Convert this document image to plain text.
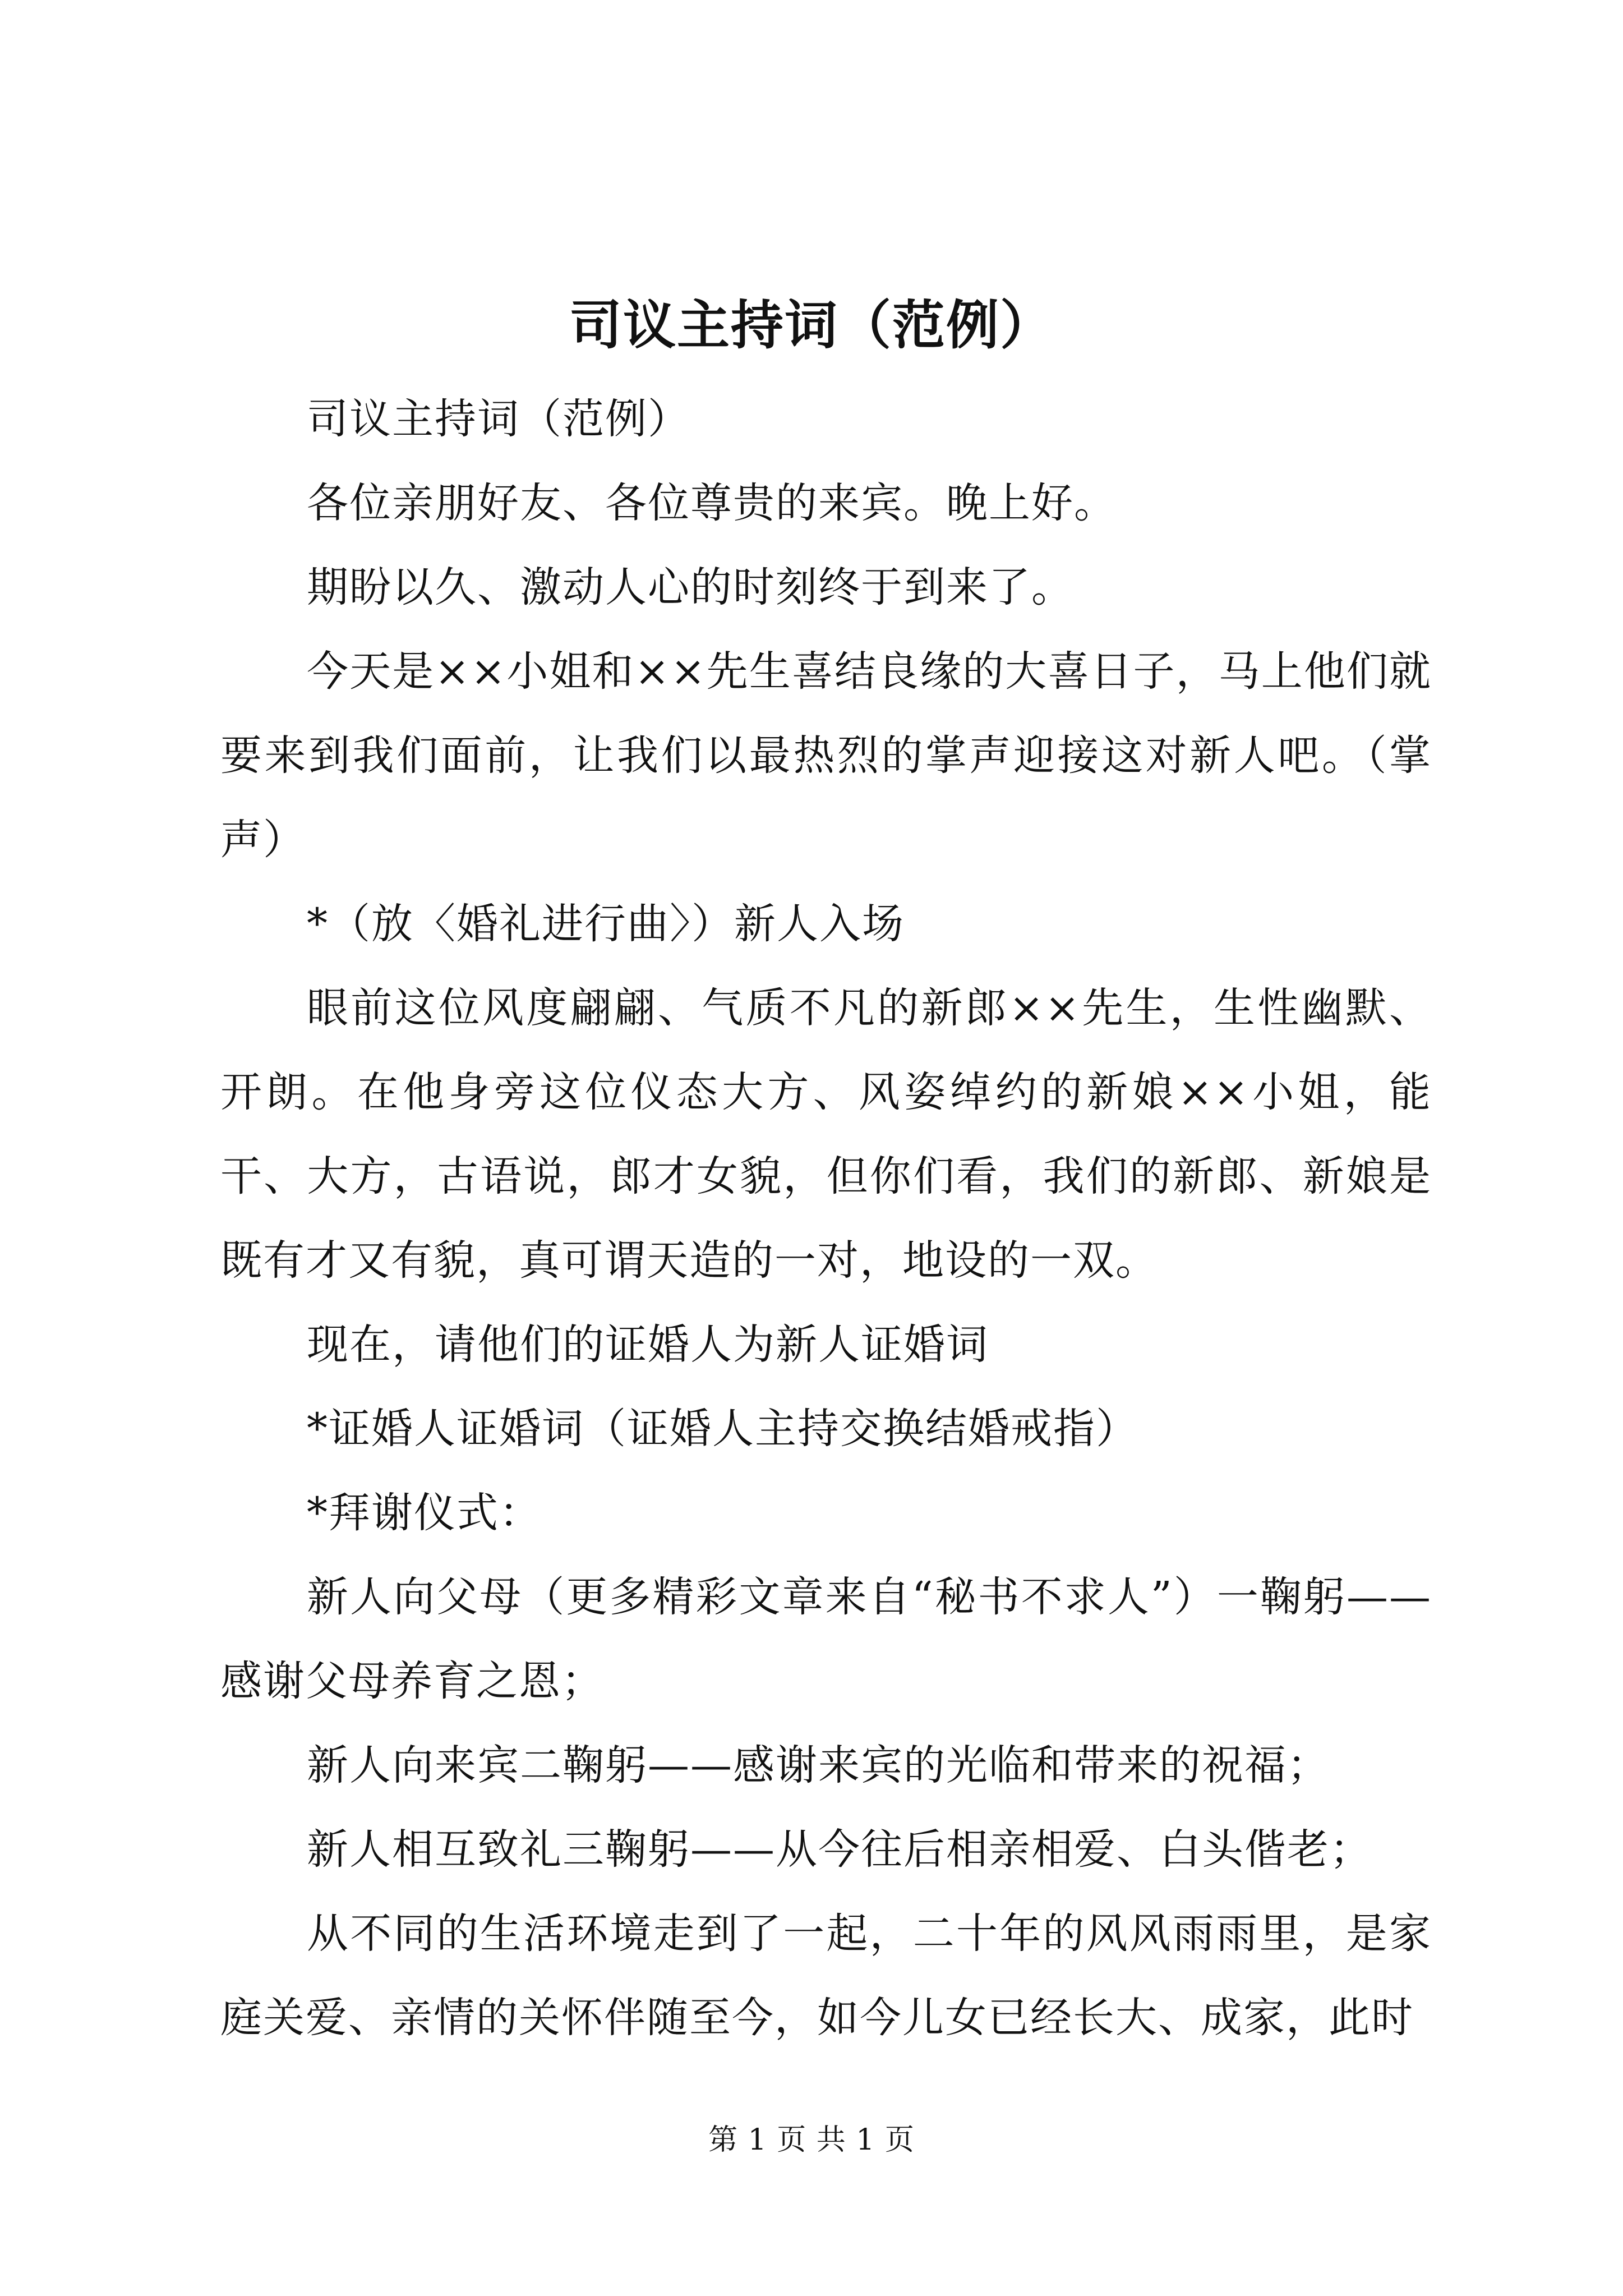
司议主持词（范例）

司议主持词（范例）

各位亲朋好友、各位尊贵的来宾。晚上好。

期盼以久、激动人心的时刻终于到来了。

今天是××小姐和××先生喜结良缘的大喜日子，马上他们就要来到我们面前，让我们以最热烈的掌声迎接这对新人吧。（掌声）

*（放〈婚礼进行曲〉）新人入场

眼前这位风度翩翩、气质不凡的新郎××先生，生性幽默、开朗。在他身旁这位仪态大方、风姿绰约的新娘××小姐，能干、大方，古语说，郎才女貌，但你们看，我们的新郎、新娘是既有才又有貌，真可谓天造的一对，地设的一双。

现在，请他们的证婚人为新人证婚词

*证婚人证婚词（证婚人主持交换结婚戒指）

*拜谢仪式：

新人向父母（更多精彩文章来自“秘书不求人”）一鞠躬——感谢父母养育之恩；

新人向来宾二鞠躬——感谢来宾的光临和带来的祝福；

新人相互致礼三鞠躬——从今往后相亲相爱、白头偕老；

从不同的生活环境走到了一起，二十年的风风雨雨里，是家庭关爱、亲情的关怀伴随至今，如今儿女已经长大、成家，此时

第 1 页 共 1 页
